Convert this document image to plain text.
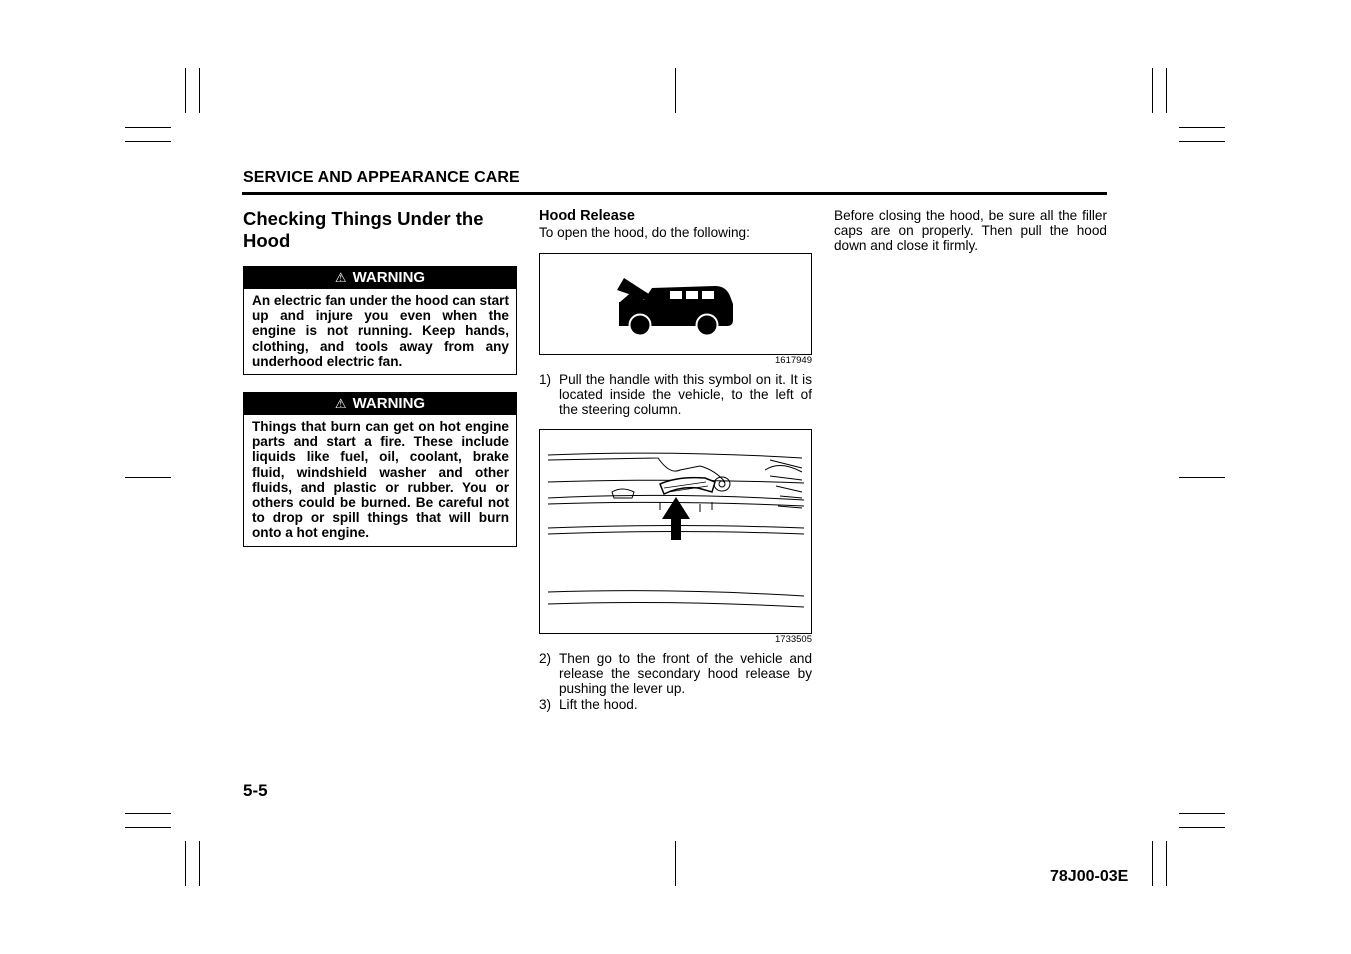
SERVICE AND APPEARANCE CARE
Checking Things Under the
Hood
⚠ WARNING
An electric fan under the hood can start up and injure you even when the engine is not running. Keep hands, clothing, and tools away from any underhood electric fan.
⚠ WARNING
Things that burn can get on hot engine parts and start a fire. These include liquids like fuel, oil, coolant, brake fluid, windshield washer and other fluids, and plastic or rubber. You or others could be burned. Be careful not to drop or spill things that will burn onto a hot engine.
Hood Release
To open the hood, do the following:
1617949
1) Pull the handle with this symbol on it. It is located inside the vehicle, to the left of the steering column.
1733505
2) Then go to the front of the vehicle and release the secondary hood release by pushing the lever up.
3) Lift the hood.
Before closing the hood, be sure all the filler caps are on properly. Then pull the hood down and close it firmly.
5-5
78J00-03E
